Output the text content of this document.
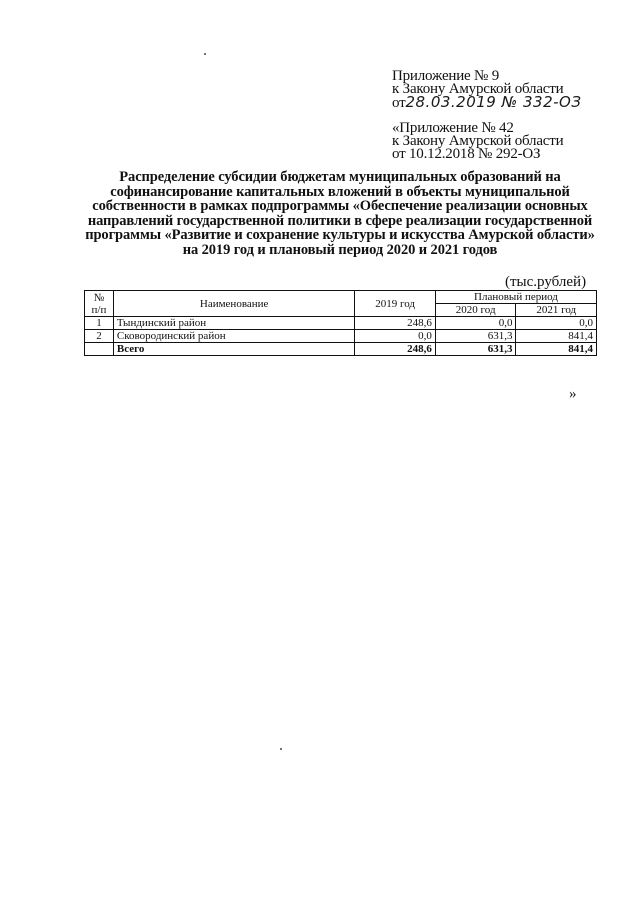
Приложение № 9
к Закону Амурской области
от28.03.2019 № 332-ОЗ
«Приложение № 42
к Закону Амурской области
от 10.12.2018 № 292-ОЗ
Распределение субсидии бюджетам муниципальных образований на софинансирование капитальных вложений в объекты муниципальной собственности в рамках подпрограммы «Обеспечение реализации основных направлений государственной политики в сфере реализации государственной программы «Развитие и сохранение культуры и искусства Амурской области» на 2019 год и плановый период 2020 и 2021 годов
(тыс.рублей)
№
п/п	Наименование	2019 год	Плановый период	
			2020 год	2021 год
1	Тындинский район	248,6	0,0	0,0
2	Сковородинский район	0,0	631,3	841,4
	Всего	248,6	631,3	841,4
»
